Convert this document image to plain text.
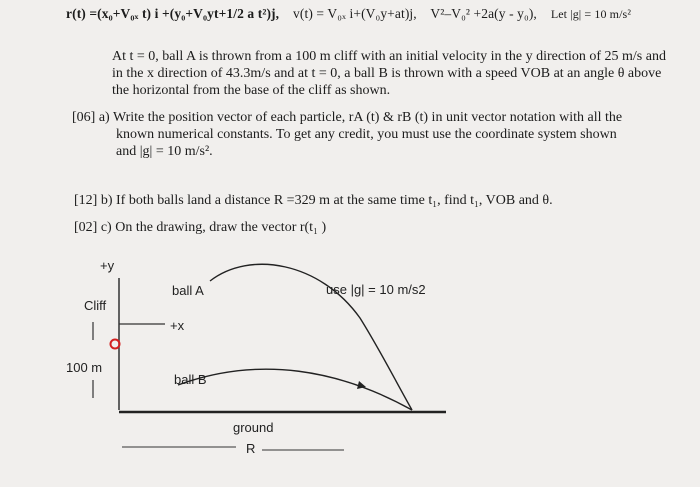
r(t) =(x₀+V₀ₓ t) i +(y₀+V₀yt+1/2 a t²)j, v(t) = V₀ₓ i+(V₀y+at)j, V²–V₀² +2a(y - y₀), Let |g| = 10 m/s²
At t = 0, ball A is thrown from a 100 m cliff with an initial velocity in the y direction of 25 m/s and in the x direction of 43.3m/s and at t = 0, a ball B is thrown with a speed VOB at an angle θ above the horizontal from the base of the cliff as shown.
[06] a) Write the position vector of each particle, rA (t) & rB (t) in unit vector notation with all the
known numerical constants. To get any credit, you must use the coordinate system shown
and |g| = 10 m/s².
[12] b) If both balls land a distance R =329 m at the same time t₁, find t₁, VOB and θ.
[02] c) On the drawing, draw the vector r(t₁ )
+y
Cliff
+x
100 m
ball A
ball B
use |g| = 10 m/s2
ground
R
